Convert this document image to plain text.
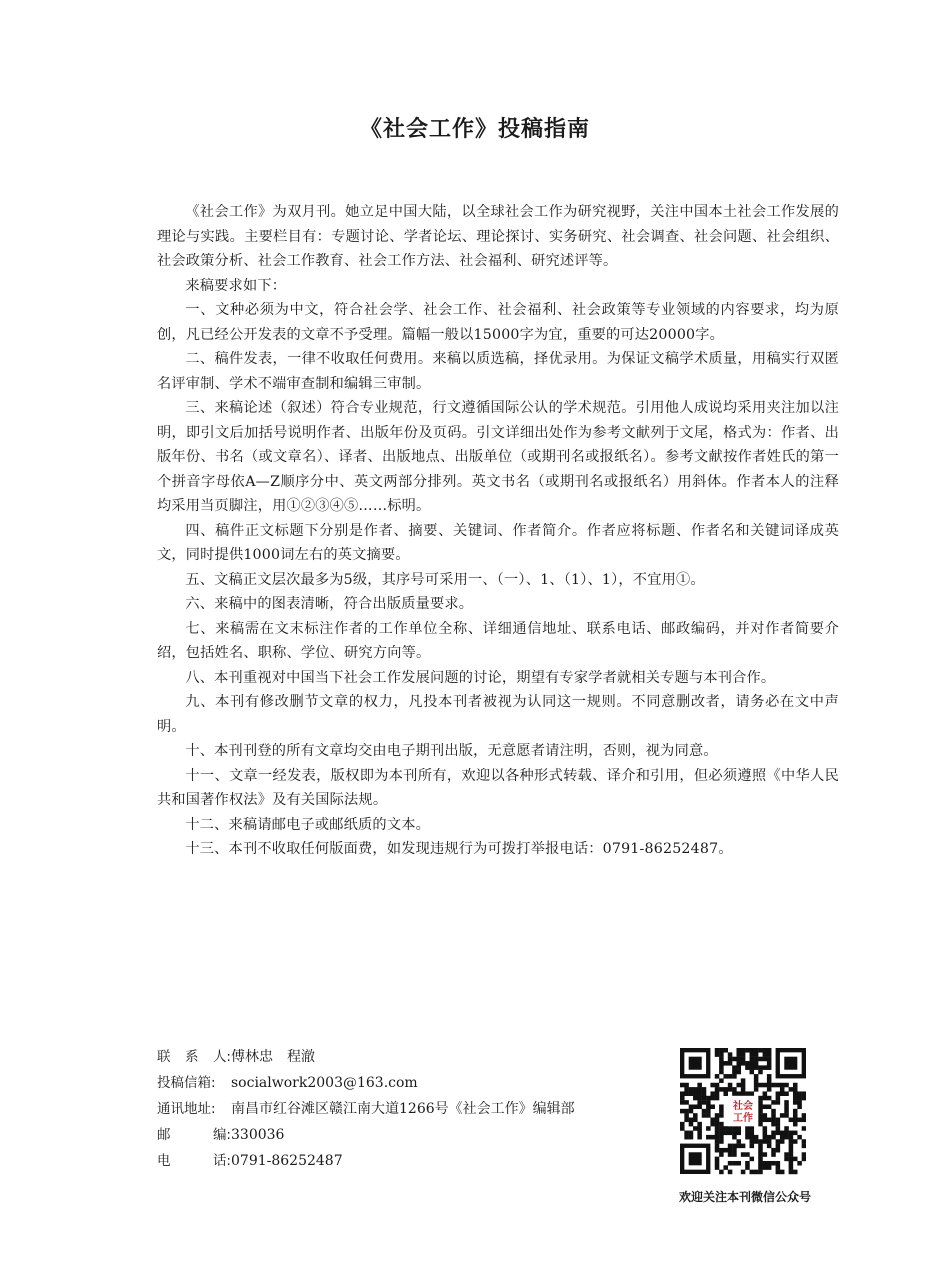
《社会工作》投稿指南

《社会工作》为双月刊。她立足中国大陆，以全球社会工作为研究视野，关注中国本土社会工作发展的理论与实践。主要栏目有：专题讨论、学者论坛、理论探讨、实务研究、社会调查、社会问题、社会组织、社会政策分析、社会工作教育、社会工作方法、社会福利、研究述评等。

来稿要求如下：

一、文种必须为中文，符合社会学、社会工作、社会福利、社会政策等专业领域的内容要求，均为原创，凡已经公开发表的文章不予受理。篇幅一般以15000字为宜，重要的可达20000字。

二、稿件发表，一律不收取任何费用。来稿以质选稿，择优录用。为保证文稿学术质量，用稿实行双匿名评审制、学术不端审查制和编辑三审制。

三、来稿论述（叙述）符合专业规范，行文遵循国际公认的学术规范。引用他人成说均采用夹注加以注明，即引文后加括号说明作者、出版年份及页码。引文详细出处作为参考文献列于文尾，格式为：作者、出版年份、书名（或文章名）、译者、出版地点、出版单位（或期刊名或报纸名）。参考文献按作者姓氏的第一个拼音字母依A—Z顺序分中、英文两部分排列。英文书名（或期刊名或报纸名）用斜体。作者本人的注释均采用当页脚注，用①②③④⑤……标明。

四、稿件正文标题下分别是作者、摘要、关键词、作者简介。作者应将标题、作者名和关键词译成英文，同时提供1000词左右的英文摘要。

五、文稿正文层次最多为5级，其序号可采用一、（一）、1、（1）、1），不宜用①。

六、来稿中的图表清晰，符合出版质量要求。

七、来稿需在文末标注作者的工作单位全称、详细通信地址、联系电话、邮政编码，并对作者简要介绍，包括姓名、职称、学位、研究方向等。

八、本刊重视对中国当下社会工作发展问题的讨论，期望有专家学者就相关专题与本刊合作。

九、本刊有修改删节文章的权力，凡投本刊者被视为认同这一规则。不同意删改者，请务必在文中声明。

十、本刊刊登的所有文章均交由电子期刊出版，无意愿者请注明，否则，视为同意。

十一、文章一经发表，版权即为本刊所有，欢迎以各种形式转载、译介和引用，但必须遵照《中华人民共和国著作权法》及有关国际法规。

十二、来稿请邮电子或邮纸质的文本。

十三、本刊不收取任何版面费，如发现违规行为可拨打举报电话：0791-86252487。

联 系 人: 傅林忠　程澈
投稿信箱: socialwork2003@163.com
通讯地址: 南昌市红谷滩区赣江南大道1266号《社会工作》编辑部
邮	编: 330036
电	话: 0791-86252487
社会
工作
欢迎关注本刊微信公众号
